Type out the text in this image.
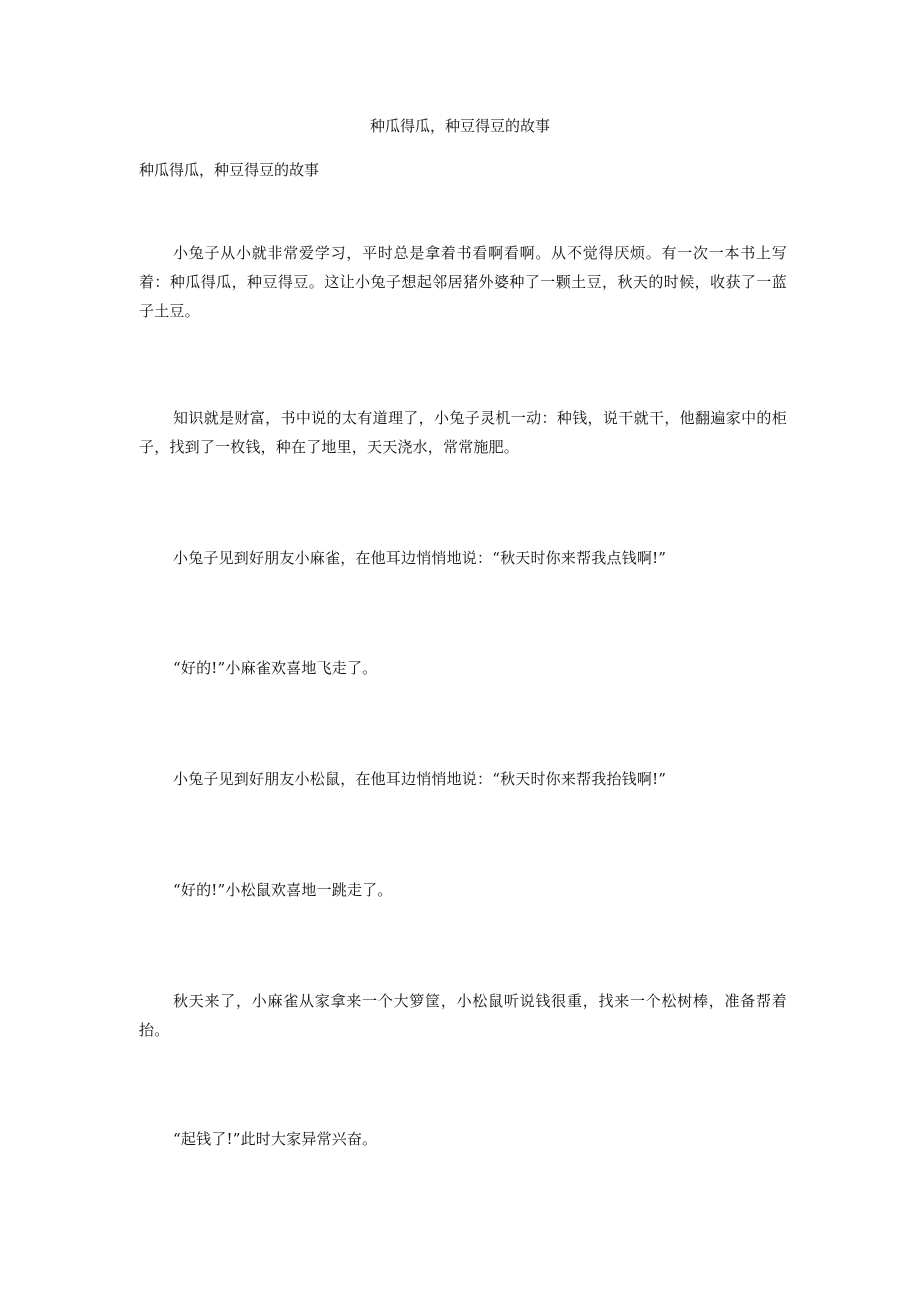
种瓜得瓜，种豆得豆的故事

种瓜得瓜，种豆得豆的故事

小兔子从小就非常爱学习，平时总是拿着书看啊看啊。从不觉得厌烦。有一次一本书上写着：种瓜得瓜，种豆得豆。这让小兔子想起邻居猪外婆种了一颗土豆，秋天的时候，收获了一蓝子土豆。

知识就是财富，书中说的太有道理了，小兔子灵机一动：种钱，说干就干，他翻遍家中的柜子，找到了一枚钱，种在了地里，天天浇水，常常施肥。

小兔子见到好朋友小麻雀，在他耳边悄悄地说：“秋天时你来帮我点钱啊!”

“好的!”小麻雀欢喜地飞走了。

小兔子见到好朋友小松鼠，在他耳边悄悄地说：“秋天时你来帮我抬钱啊!”

“好的!”小松鼠欢喜地一跳走了。

秋天来了，小麻雀从家拿来一个大箩筐，小松鼠听说钱很重，找来一个松树棒，准备帮着抬。

“起钱了!”此时大家异常兴奋。
